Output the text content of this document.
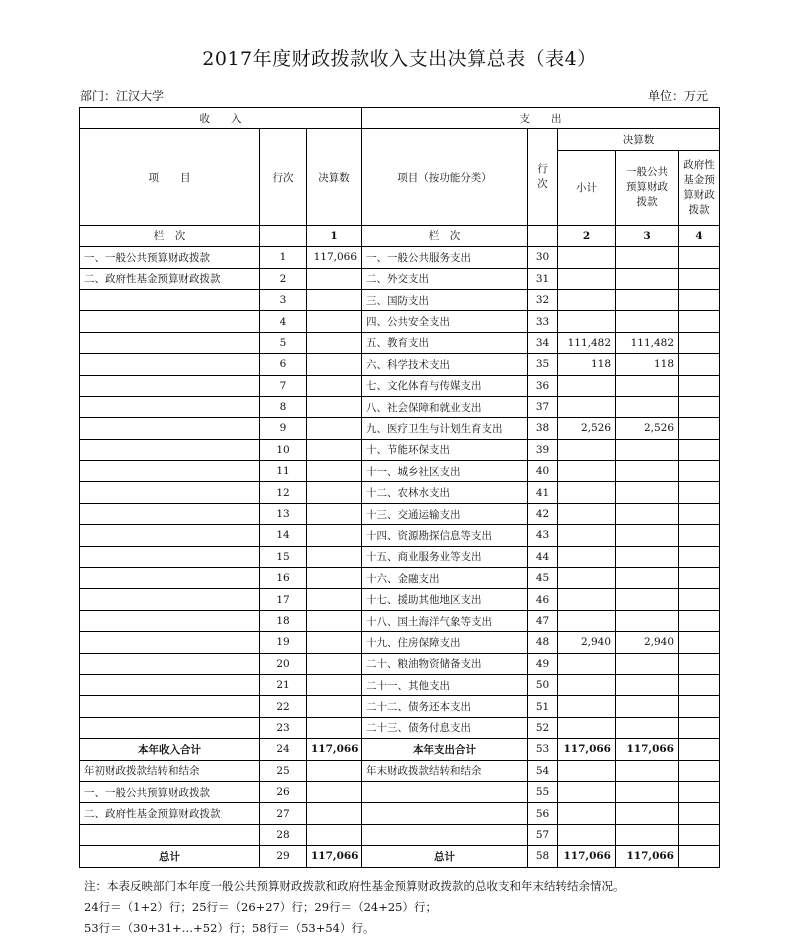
2017年度财政拨款收入支出决算总表（表4）
部门：江汉大学	单位：万元
收　　入			支　　出				
项　　目	行次	决算数	项目（按功能分类）	行次	决算数		
					小计	一般公共预算财政拨款	政府性基金预算财政拨款
栏　次		1	栏　次		2	3	4
一、一般公共预算财政拨款	1	117,066	一、一般公共服务支出	30			
二、政府性基金预算财政拨款	2		二、外交支出	31			
	3		三、国防支出	32			
	4		四、公共安全支出	33			
	5		五、教育支出	34	111,482	111,482	
	6		六、科学技术支出	35	118	118	
	7		七、文化体育与传媒支出	36			
	8		八、社会保障和就业支出	37			
	9		九、医疗卫生与计划生育支出	38	2,526	2,526	
	10		十、节能环保支出	39			
	11		十一、城乡社区支出	40			
	12		十二、农林水支出	41			
	13		十三、交通运输支出	42			
	14		十四、资源勘探信息等支出	43			
	15		十五、商业服务业等支出	44			
	16		十六、金融支出	45			
	17		十七、援助其他地区支出	46			
	18		十八、国土海洋气象等支出	47			
	19		十九、住房保障支出	48	2,940	2,940	
	20		二十、粮油物资储备支出	49			
	21		二十一、其他支出	50			
	22		二十二、债务还本支出	51			
	23		二十三、债务付息支出	52			
本年收入合计	24	117,066	本年支出合计	53	117,066	117,066	
年初财政拨款结转和结余	25		年末财政拨款结转和结余	54			
一、一般公共预算财政拨款	26			55			
二、政府性基金预算财政拨款	27			56			
	28			57			
总计	29	117,066	总计	58	117,066	117,066	
注：本表反映部门本年度一般公共预算财政拨款和政府性基金预算财政拨款的总收支和年末结转结余情况。
24行＝（1+2）行；25行＝（26+27）行；29行＝（24+25）行；
53行＝（30+31+…+52）行；58行＝（53+54）行。
